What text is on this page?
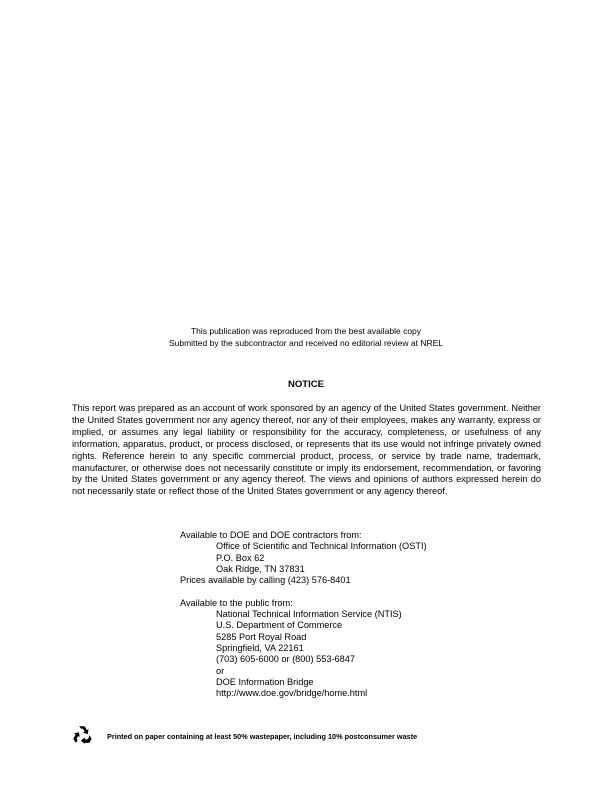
This publication was reproduced from the best available copy
Submitted by the subcontractor and received no editorial review at NREL
NOTICE

This report was prepared as an account of work sponsored by an agency of the United States government. Neither the United States government nor any agency thereof, nor any of their employees, makes any warranty, express or implied, or assumes any legal liability or responsibility for the accuracy, completeness, or usefulness of any information, apparatus, product, or process disclosed, or represents that its use would not infringe privately owned rights. Reference herein to any specific commercial product, process, or service by trade name, trademark, manufacturer, or otherwise does not necessarily constitute or imply its endorsement, recommendation, or favoring by the United States government or any agency thereof. The views and opinions of authors expressed herein do not necessarily state or reflect those of the United States government or any agency thereof.

Available to DOE and DOE contractors from:
Office of Scientific and Technical Information (OSTI)
P.O. Box 62
Oak Ridge, TN 37831
Prices available by calling (423) 576-8401
Available to the public from:
National Technical Information Service (NTIS)
U.S. Department of Commerce
5285 Port Royal Road
Springfield, VA 22161
(703) 605-6000 or (800) 553-6847
or
DOE Information Bridge
http://www.doe.gov/bridge/home.html
Printed on paper containing at least 50% wastepaper, including 10% postconsumer waste
